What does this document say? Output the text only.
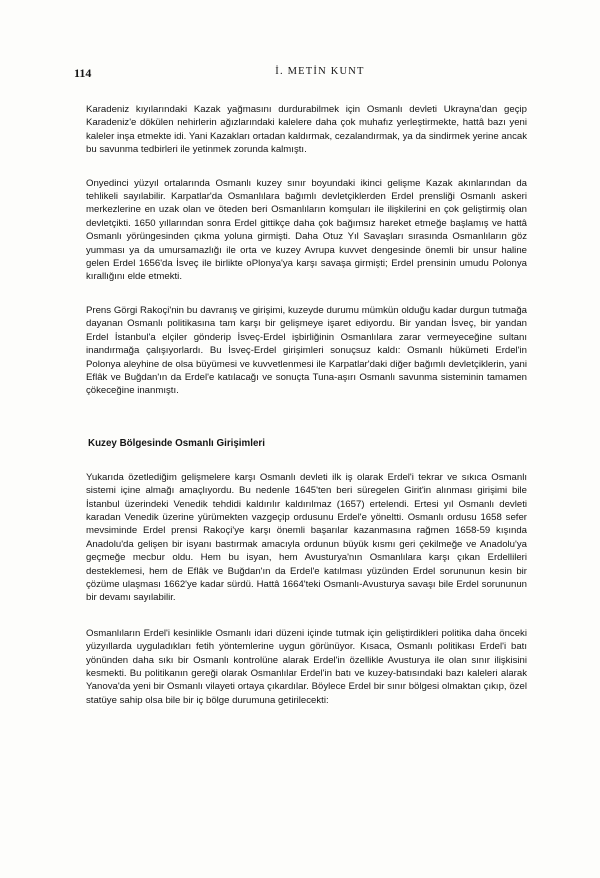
114	İ. METİN KUNT

Karadeniz kıyılarındaki Kazak yağmasını durdurabilmek için Osmanlı devleti Ukrayna'dan geçip Karadeniz'e dökülen nehirlerin ağızlarındaki kalelere daha çok muhafız yerleştirmekte, hattâ bazı yeni kaleler inşa etmekte idi. Yani Kazakları ortadan kaldırmak, cezalandırmak, ya da sindirmek yerine ancak bu savunma tedbirleri ile yetinmek zorunda kalmıştı.

Onyedinci yüzyıl ortalarında Osmanlı kuzey sınır boyundaki ikinci gelişme Kazak akınlarından da tehlikeli sayılabilir. Karpatlar'da Osmanlılara bağımlı devletçiklerden Erdel prensliği Osmanlı askeri merkezlerine en uzak olan ve öteden beri Osmanlıların komşuları ile ilişkilerini en çok geliştirmiş olan devletçikti. 1650 yıllarından sonra Erdel gittikçe daha çok bağımsız hareket etmeğe başlamış ve hattâ Osmanlı yörüngesinden çıkma yoluna girmişti. Daha Otuz Yıl Savaşları sırasında Osmanlıların göz yumması ya da umursamazlığı ile orta ve kuzey Avrupa kuvvet dengesinde önemli bir unsur haline gelen Erdel 1656'da İsveç ile birlikte oPlonya'ya karşı savaşa girmişti; Erdel prensinin umudu Polonya kırallığını elde etmekti.

Prens Görgi Rakoçi'nin bu davranış ve girişimi, kuzeyde durumu mümkün olduğu kadar durgun tutmağa dayanan Osmanlı politikasına tam karşı bir gelişmeye işaret ediyordu. Bir yandan İsveç, bir yandan Erdel İstanbul'a elçiler gönderip İsveç-Erdel işbirliğinin Osmanlılara zarar vermeyeceğine sultanı inandırmağa çalışıyorlardı. Bu İsveç-Erdel girişimleri sonuçsuz kaldı: Osmanlı hükümeti Erdel'in Polonya aleyhine de olsa büyümesi ve kuvvetlenmesi ile Karpatlar'daki diğer bağımlı devletçiklerin, yani Eflâk ve Buğdan'ın da Erdel'e katılacağı ve sonuçta Tuna-aşırı Osmanlı savunma sisteminin tamamen çökeceğine inanmıştı.

Kuzey Bölgesinde Osmanlı Girişimleri

Yukarıda özetlediğim gelişmelere karşı Osmanlı devleti ilk iş olarak Erdel'i tekrar ve sıkıca Osmanlı sistemi içine almağı amaçlıyordu. Bu nedenle 1645'ten beri süregelen Girit'in alınması girişimi bile İstanbul üzerindeki Venedik tehdidi kaldırılır kaldırılmaz (1657) ertelendi. Ertesi yıl Osmanlı devleti karadan Venedik üzerine yürümekten vazgeçip ordusunu Erdel'e yöneltti. Osmanlı ordusu 1658 sefer mevsiminde Erdel prensi Rakoçi'ye karşı önemli başarılar kazanmasına rağmen 1658-59 kışında Anadolu'da gelişen bir isyanı bastırmak amacıyla ordunun büyük kısmı geri çekilmeğe ve Anadolu'ya geçmeğe mecbur oldu. Hem bu isyan, hem Avusturya'nın Osmanlılara karşı çıkan Erdellileri desteklemesi, hem de Eflâk ve Buğdan'ın da Erdel'e katılması yüzünden Erdel sorununun kesin bir çözüme ulaşması 1662'ye kadar sürdü. Hattâ 1664'teki Osmanlı-Avusturya savaşı bile Erdel sorununun bir devamı sayılabilir.

Osmanlıların Erdel'i kesinlikle Osmanlı idari düzeni içinde tutmak için geliştirdikleri politika daha önceki yüzyıllarda uyguladıkları fetih yöntemlerine uygun görünüyor. Kısaca, Osmanlı politikası Erdel'i batı yönünden daha sıkı bir Osmanlı kontrolüne alarak Erdel'in özellikle Avusturya ile olan sınır ilişkisini kesmekti. Bu politikanın gereği olarak Osmanlılar Erdel'in batı ve kuzey-batısındaki bazı kaleleri alarak Yanova'da yeni bir Osmanlı vilayeti ortaya çıkardılar. Böylece Erdel bir sınır bölgesi olmaktan çıkıp, özel statüye sahip olsa bile bir iç bölge durumuna getirilecekti:
